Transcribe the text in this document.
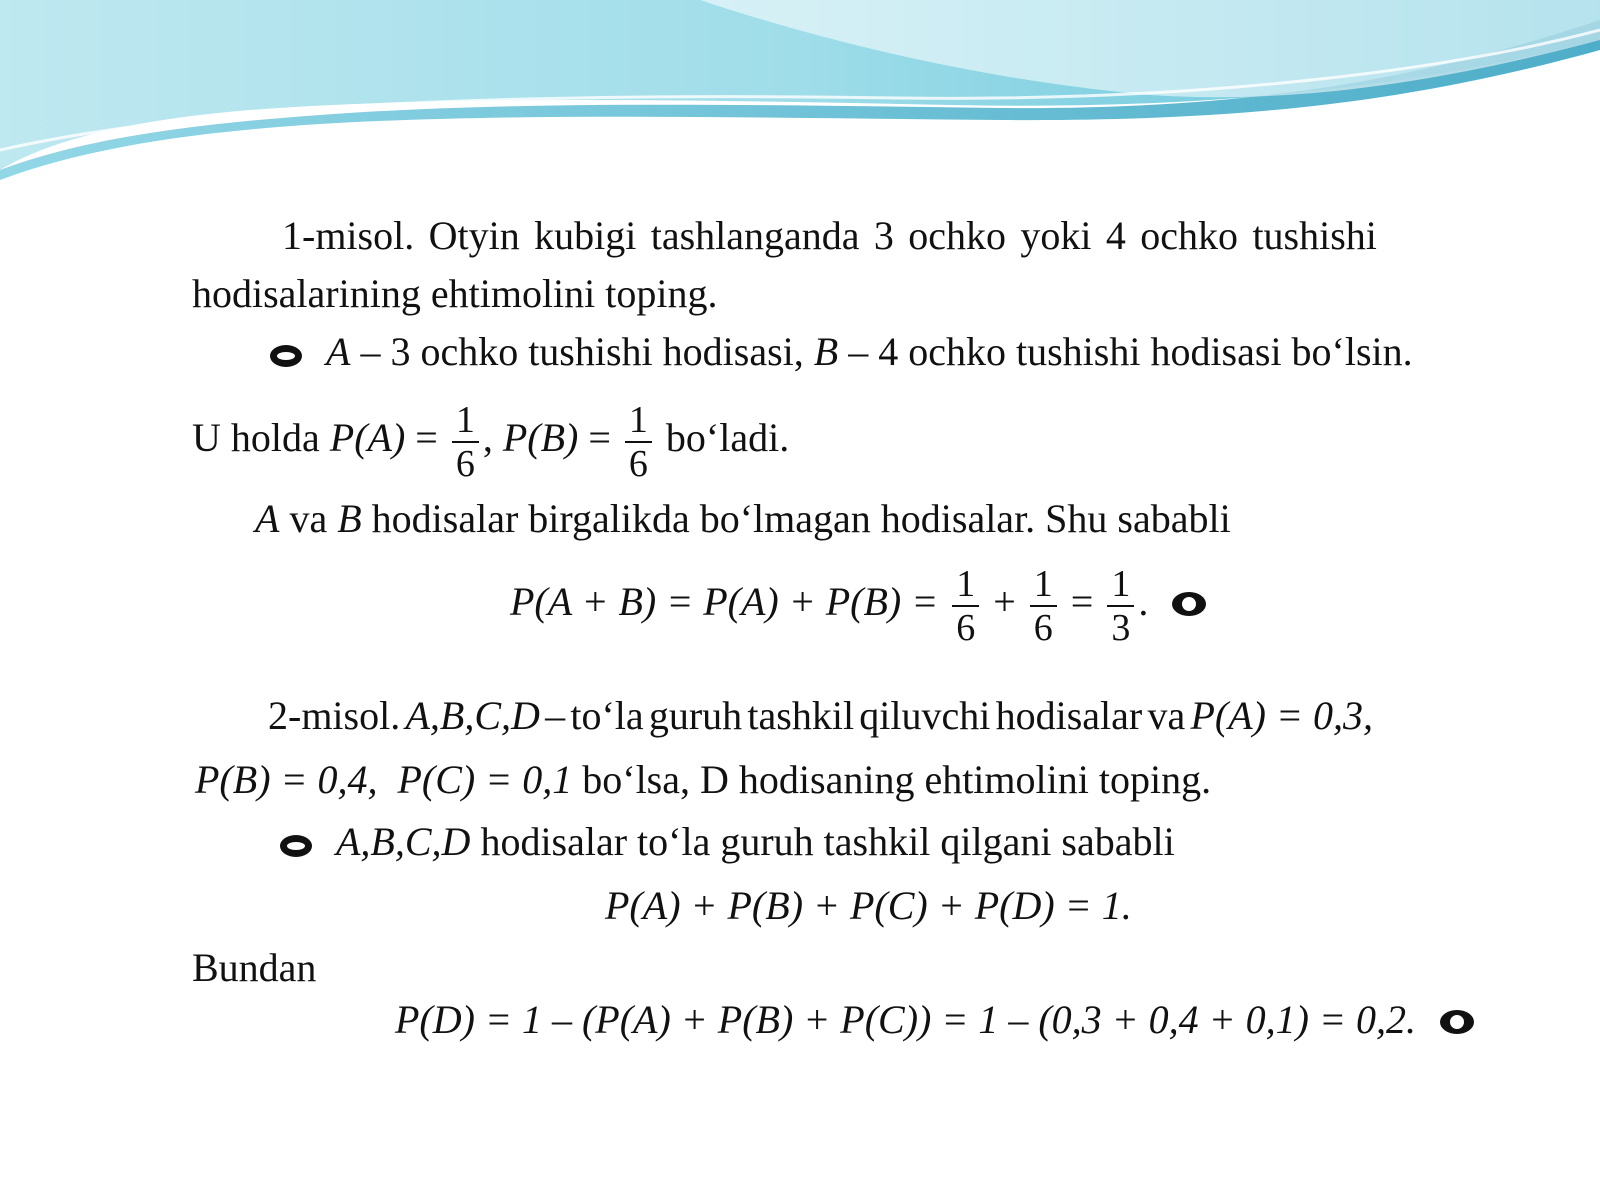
1-misol. Otyin kubigi tashlanganda 3 ochko yoki 4 ochko tushishi
hodisalarining ehtimolini toping.
A – 3 ochko tushishi hodisasi, B – 4 ochko tushishi hodisasi bo‘lsin.
U holda $P(A) = \frac{1}{6}$ , $P(B) = \frac{1}{6}$ bo‘ladi.
A va B hodisalar birgalikda bo‘lmagan hodisalar. Shu sababli
$P(A + B) = P(A) + P(B) = \frac{1}{6} + \frac{1}{6} = \frac{1}{3}$ .
2-misol. A,B,C,D – to‘la guruh tashkil qiluvchi hodisalar va P(A) = 0,3,
P(B) = 0,4, P(C) = 0,1 bo‘lsa, D hodisaning ehtimolini toping.
A,B,C,D hodisalar to‘la guruh tashkil qilgani sababli
P(A) + P(B) + P(C) + P(D) = 1.
Bundan
P(D) = 1 – (P(A) + P(B) + P(C)) = 1 – (0,3 + 0,4 + 0,1) = 0,2.
